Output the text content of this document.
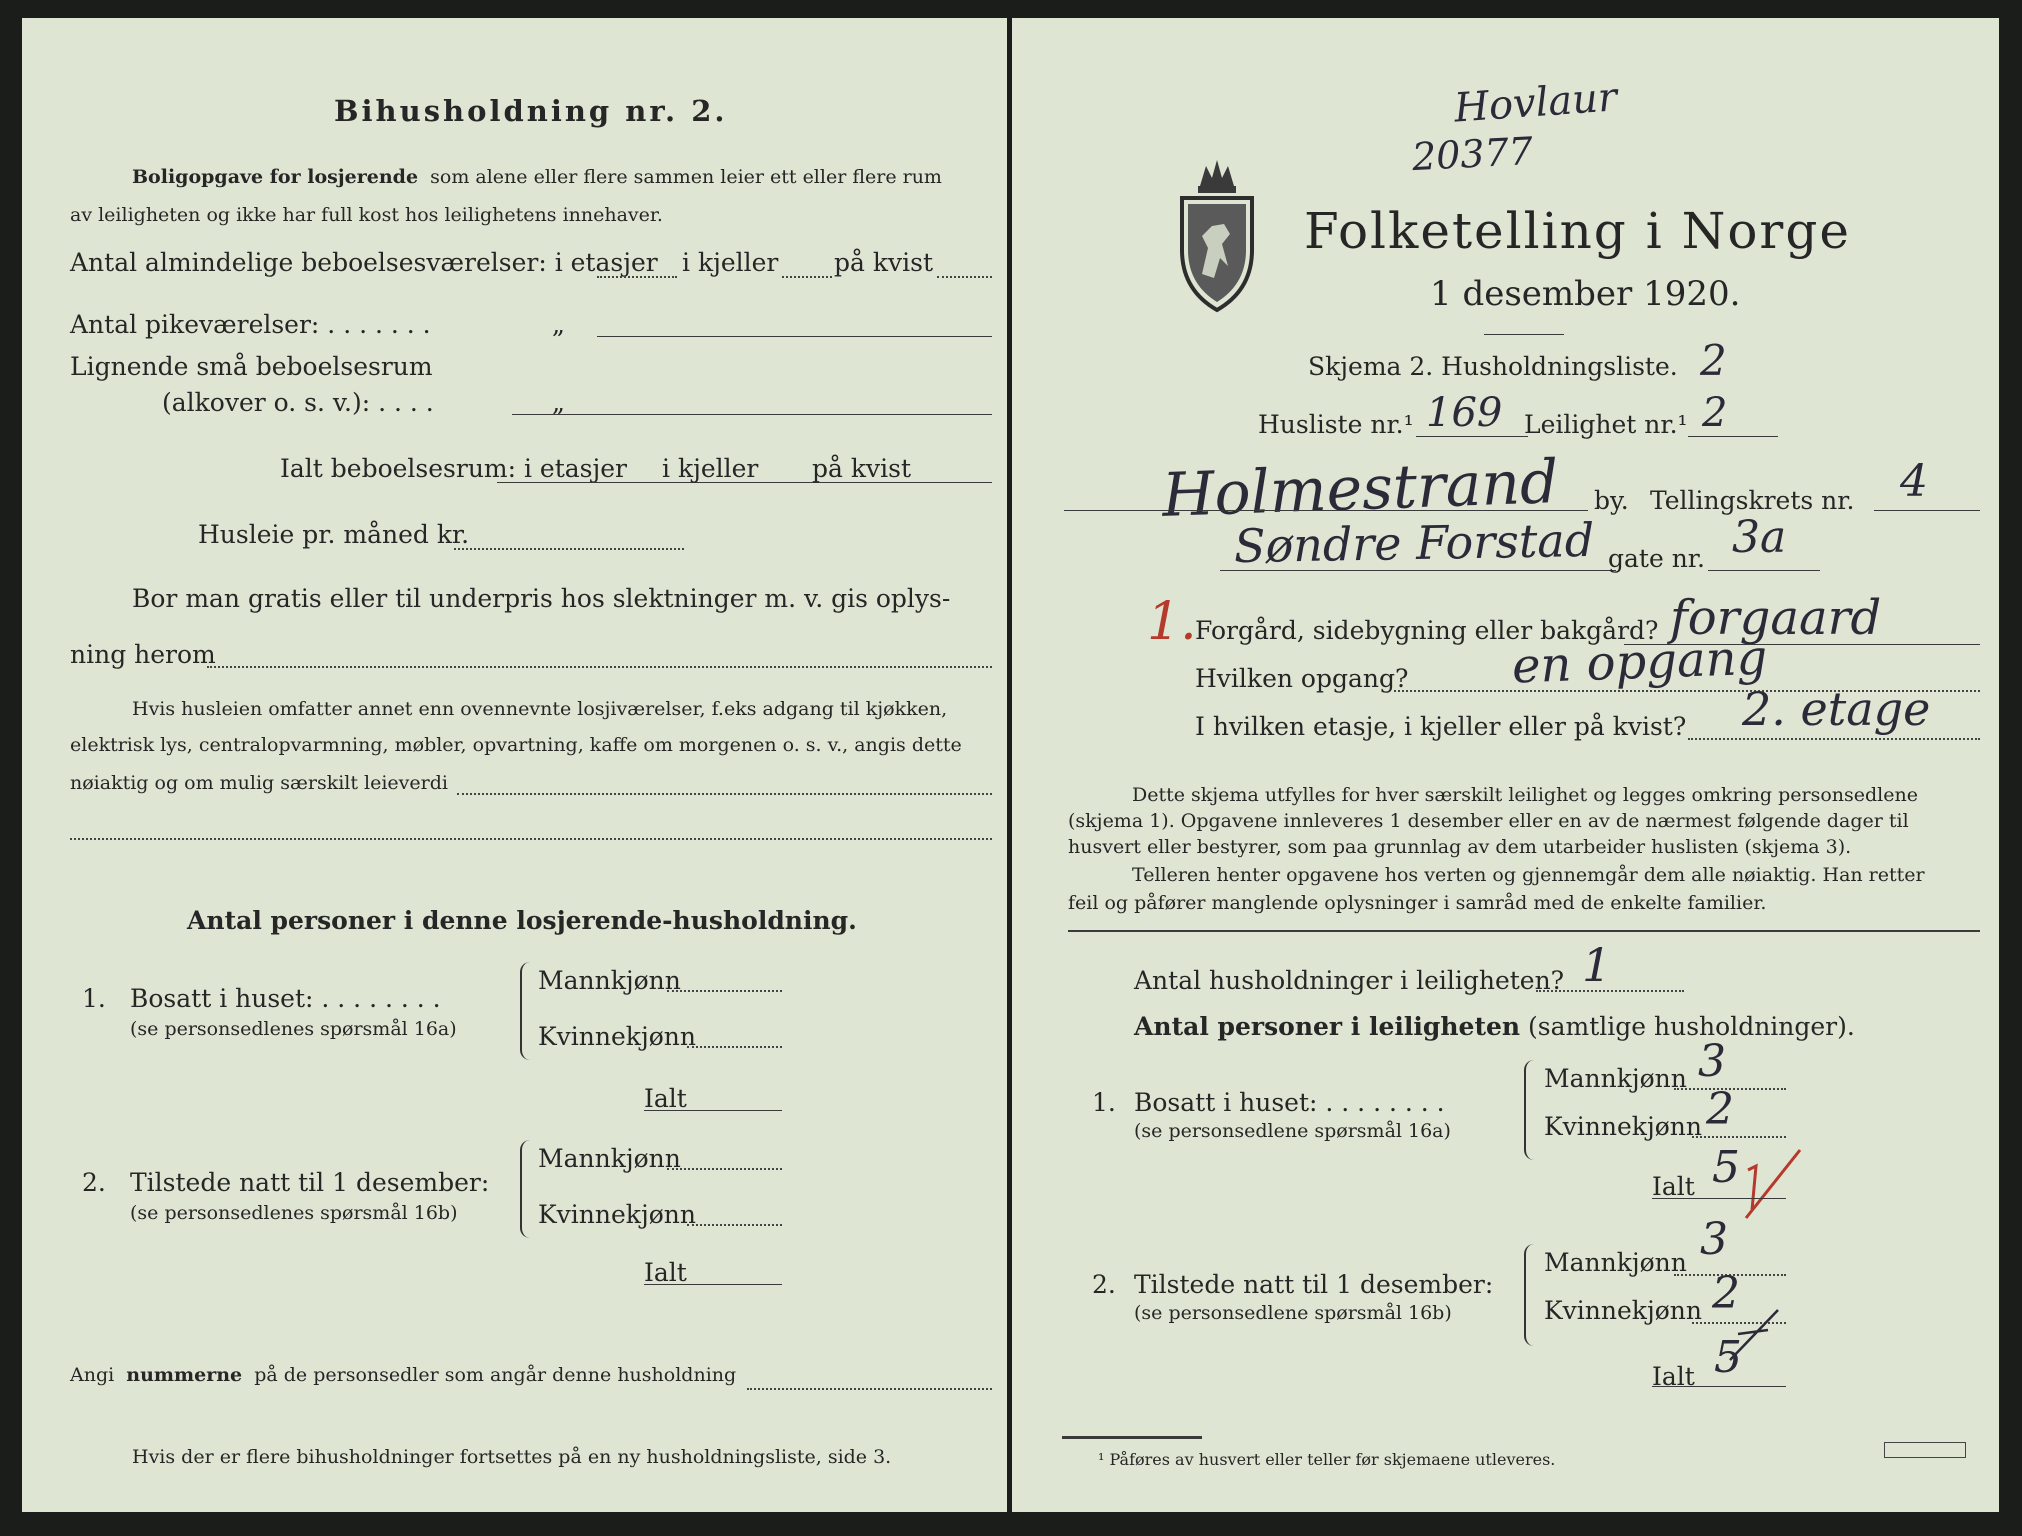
Bihusholdning nr. 2.
Boligopgave for losjerende som alene eller flere sammen leier ett eller flere rum
av leiligheten og ikke har full kost hos leilighetens innehaver.
Antal almindelige beboelsesværelser: i etasjer i kjeller på kvist
Antal pikeværelser: . . . . . . .	„
Lignende små beboelsesrum
(alkover o. s. v.): . . . .	„
Ialt beboelsesrum: i etasjer i kjeller på kvist
Husleie pr. måned kr.
Bor man gratis eller til underpris hos slektninger m. v. gis oplys-
ning herom
Hvis husleien omfatter annet enn ovennevnte losjiværelser, f.eks adgang til kjøkken,
elektrisk lys, centralopvarmning, møbler, opvartning, kaffe om morgenen o. s. v., angis dette
nøiaktig og om mulig særskilt leieverdi
Antal personer i denne losjerende-husholdning.
1. Bosatt i huset: . . . . . . . .
(se personsedlenes spørsmål 16a)
Mannkjønn
Kvinnekjønn
Ialt
2. Tilstede natt til 1 desember:
(se personsedlenes spørsmål 16b)
Mannkjønn
Kvinnekjønn
Ialt
Angi nummerne på de personsedler som angår denne husholdning
Hvis der er flere bihusholdninger fortsettes på en ny husholdningsliste, side 3.
Hovlaur
20377
Folketelling i Norge
1 desember 1920.
Skjema 2. Husholdningsliste. 2
Husliste nr.¹ 169 Leilighet nr.¹ 2
Holmestrand by. Tellingskrets nr. 4
Søndre Forstad gate nr. 3a
1.
Forgård, sidebygning eller bakgård? forgaard
Hvilken opgang? en opgang
I hvilken etasje, i kjeller eller på kvist? 2. etage
Dette skjema utfylles for hver særskilt leilighet og legges omkring personsedlene
(skjema 1). Opgavene innleveres 1 desember eller en av de nærmest følgende dager til
husvert eller bestyrer, som paa grunnlag av dem utarbeider huslisten (skjema 3).
Telleren henter opgavene hos verten og gjennemgår dem alle nøiaktig. Han retter
feil og påfører manglende oplysninger i samråd med de enkelte familier.
Antal husholdninger i leiligheten? 1
Antal personer i leiligheten (samtlige husholdninger).
1. Bosatt i huset: . . . . . . . .
(se personsedlene spørsmål 16a)
Mannkjønn 3
Kvinnekjønn 2
Ialt 5
2. Tilstede natt til 1 desember:
(se personsedlene spørsmål 16b)
Mannkjønn 3
Kvinnekjønn 2
Ialt 5
¹ Påføres av husvert eller teller før skjemaene utleveres.
